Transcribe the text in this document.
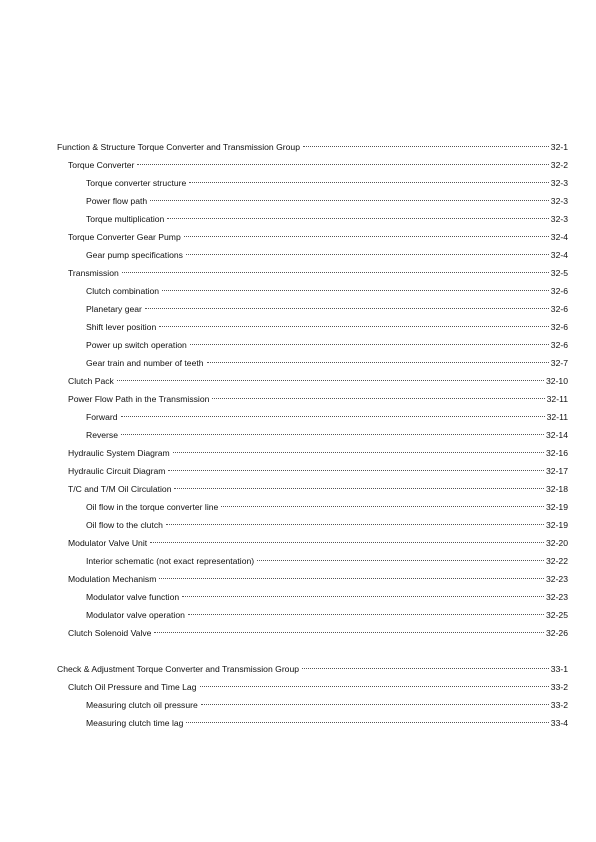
Function & Structure Torque Converter and Transmission Group	32-1
Torque Converter	32-2
Torque converter structure	32-3
Power flow path	32-3
Torque multiplication	32-3
Torque Converter Gear Pump	32-4
Gear pump specifications	32-4
Transmission	32-5
Clutch combination	32-6
Planetary gear	32-6
Shift lever position	32-6
Power up switch operation	32-6
Gear train and number of teeth	32-7
Clutch Pack	32-10
Power Flow Path in the Transmission	32-11
Forward	32-11
Reverse	32-14
Hydraulic System Diagram	32-16
Hydraulic Circuit Diagram	32-17
T/C and T/M Oil Circulation	32-18
Oil flow in the torque converter line	32-19
Oil flow to the clutch	32-19
Modulator Valve Unit	32-20
Interior schematic (not exact representation)	32-22
Modulation Mechanism	32-23
Modulator valve function	32-23
Modulator valve operation	32-25
Clutch Solenoid Valve	32-26
Check & Adjustment Torque Converter and Transmission Group	33-1
Clutch Oil Pressure and Time Lag	33-2
Measuring clutch oil pressure	33-2
Measuring clutch time lag	33-4
